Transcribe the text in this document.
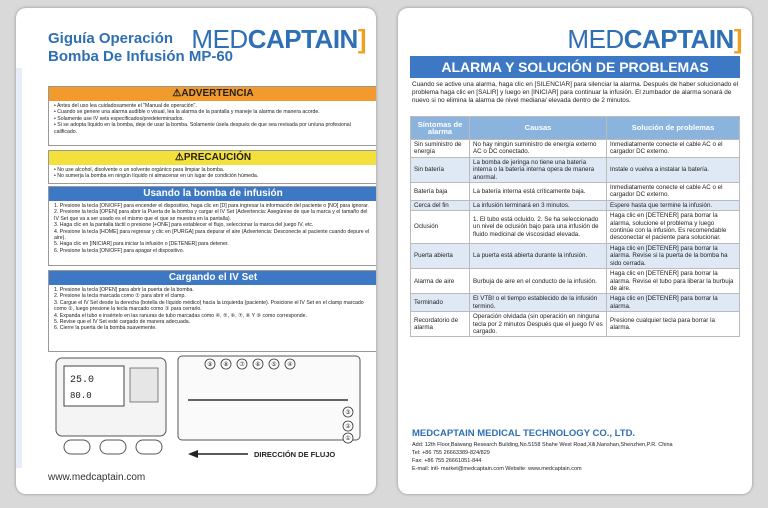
Giguía Operación
Bomba De Infusión MP-60
MEDCAPTAIN]
⚠ADVERTENCIA
• Antes del uso lea cuidadosamente el "Manual de operación".
• Cuando se genere una alarma audible o visual, lea la alarma de la pantalla y maneje la alarma de manera acorde.
• Solamente use IV sets especificados/predeterminados.
• Si se adopta líquido en la bomba, deje de usar la bomba. Solamente úsela después de que sea revisada por un/una profesional calificado.
⚠PRECAUCIÓN
• No use alcohol, disolvente o un solvente orgánico para limpiar la bomba.
• No sumerja la bomba en ningún líquido ni almacenar en un lugar de condición húmeda.
Usando la bomba de infusión
1. Presione la tecla [ON/OFF] para encender el dispositivo, haga clic en [D] para ingresar la información del paciente o [NO] para ignorar.
2. Presione la tecla [OPEN] para abrir la Puerta de la bomba y cargar el IV Set (Advertencia: Asegúrese de que la marca y el tamaño del IV Set que va a ser usado es el mismo que el que se muestra en la pantalla).
3. Haga clic en la pantalla táctil o presione [+ONE] para establecer el flujo, seleccionar la marca del juego IV, etc.
4. Presione la tecla [HOME] para regresar y clic en [PURGA] para depurar el aire (Advertencia: Desconecte al paciente cuando depure el aire).
5. Haga clic en [INICIAR] para iniciar la infusión o [DETENER] para detener.
6. Presione la tecla [ON/OFF] para apagar el dispositivo.
Cargando el IV Set
1. Presione la tecla [OPEN] para abrir la puerta de la bomba.
2. Presione la tecla marcada como ① para abrir el clamp.
3. Cargue el IV Set desde la derecha (botella de líquido médico) hacia la izquierda (paciente). Posicione el IV Set en el clamp marcado como ②, luego presione la tecla marcado como ③ para cerrarlo.
4. Expanda el tubo e insértelo en las ranuras de tubo marcadas como ④, ⑤, ⑥, ⑦, ⑧ Y ⑨ como corresponde.
5. Revise que el IV Set esté cargado de manera adecuada.
6. Cierre la puerta de la bomba suavemente.
25.0
80.0
⑨ ⑧ ⑦ ⑥ ⑤ ④
③
②
①
DIRECCIÓN DE FLUJO
www.medcaptain.com
MEDCAPTAIN]
ALARMA Y SOLUCIÓN DE PROBLEMAS
Cuando se active una alarma, haga clic en [SILENCIAR] para silenciar la alarma. Después de haber solucionado el problema haga clic en [SALIR] y luego en [INICIAR] para continuar la infusión. El zumbador de alarma sonará de nuevo si no elimina la alarma de nivel mediana/ elevada dentro de 2 minutos.
Síntomas de alarma	Causas	Solución de problemas
Sin suministro de energía	No hay ningún suministro de energía externo AC o DC conectado.	Inmediatamente conecte el cable AC o el cargador DC externo.
Sin batería	La bomba de jeringa no tiene una batería interna o la batería interna opera de manera anormal.	Instale o vuelva a instalar la batería.
Batería baja	La batería interna está críticamente baja.	Inmediatamente conecte el cable AC o el cargador DC externo.
Cerca del fin	La infusión terminará en 3 minutos.	Espere hasta que termine la infusión.
Oclusión	1. El tubo está ocluido. 2. Se ha seleccionado un nivel de oclusión bajo para una infusión de fluido medicinal de viscosidad elevada.	Haga clic en [DETENER] para borrar la alarma, solucione el problema y luego continúe con la infusión. Es recomendable desconectar el paciente para solucionar.
Puerta abierta	La puerta está abierta durante la infusión.	Haga clic en [DETENER] para borrar la alarma. Revise si la puerta de la bomba ha sido cerrada.
Alarma de aire	Burbuja de aire en el conducto de la infusión.	Haga clic en [DETENER] para borrar la alarma. Revise el tubo para liberar la burbuja de aire.
Terminado	El VTBI o el tiempo establecido de la infusión terminó.	Haga clic en [DETENER] para borrar la alarma.
Recordatorio de alarma	Operación olvidada (sin operación en ninguna tecla por 2 minutos Después que el juego IV es cargado.	Presione cualquier tecla para borrar la alarma.
MEDCAPTAIN MEDICAL TECHNOLOGY CO., LTD.
Add: 12th Floor,Baiwang Research Building,No.5158 Shahe West Road,Xili,Nanshan,Shenzhen,P.R. China
Tel: +86 755 26663389-824/829
Fax: +86 755 26661051-844
E-mail: intl- market@medcaptain.com Website: www.medcaptain.com
